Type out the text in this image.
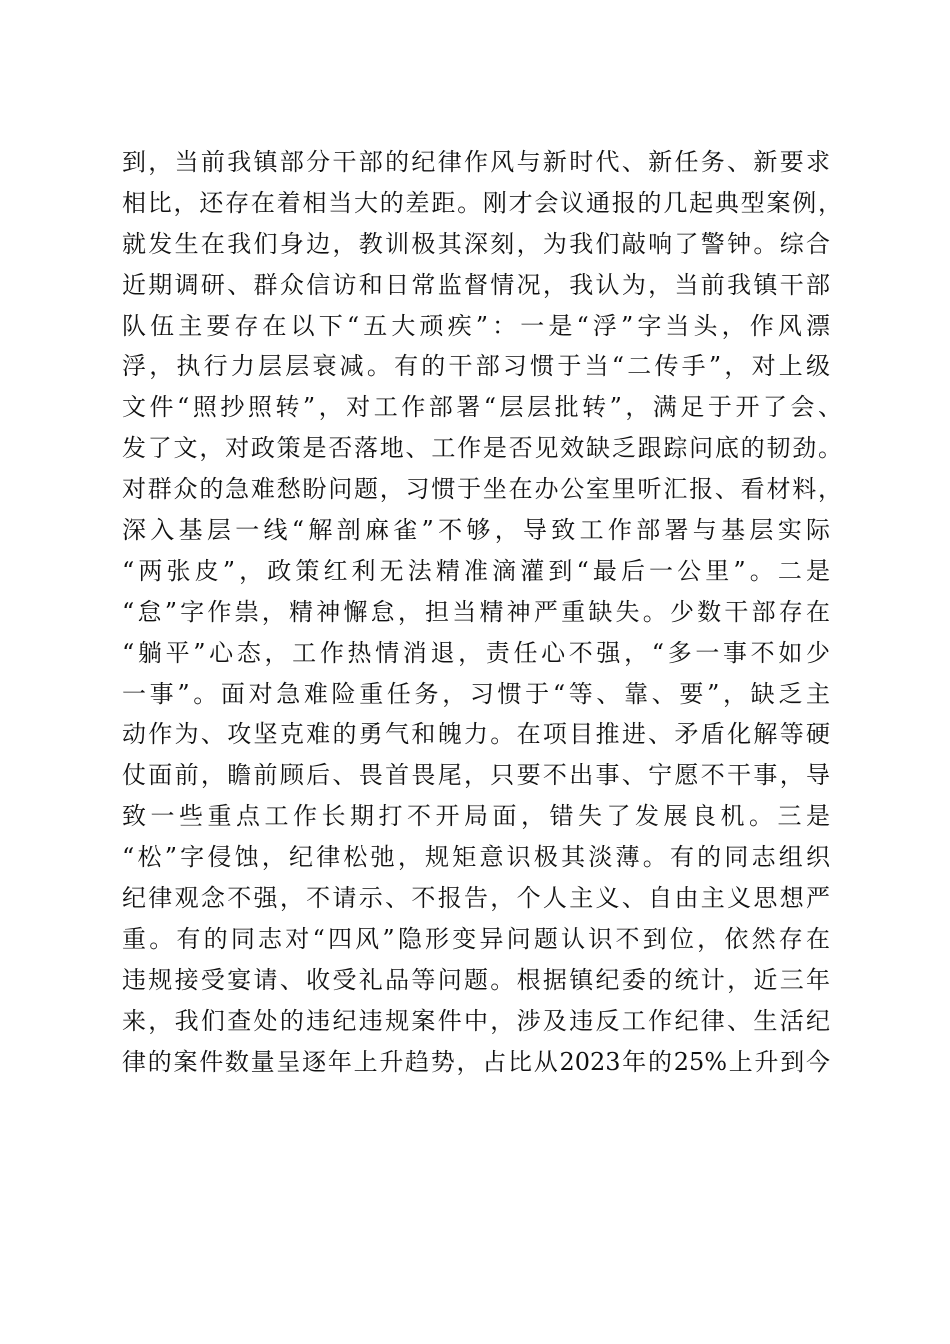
到，当前我镇部分干部的纪律作风与新时代、新任务、新要求
相比，还存在着相当大的差距。刚才会议通报的几起典型案例，
就发生在我们身边，教训极其深刻，为我们敲响了警钟。综合
近期调研、群众信访和日常监督情况，我认为，当前我镇干部
队伍主要存在以下“五大顽疾”：一是“浮”字当头，作风漂
浮，执行力层层衰减。有的干部习惯于当“二传手”，对上级
文件“照抄照转”，对工作部署“层层批转”，满足于开了会、
发了文，对政策是否落地、工作是否见效缺乏跟踪问底的韧劲。
对群众的急难愁盼问题，习惯于坐在办公室里听汇报、看材料，
深入基层一线“解剖麻雀”不够，导致工作部署与基层实际
“两张皮”，政策红利无法精准滴灌到“最后一公里”。二是
“怠”字作祟，精神懈怠，担当精神严重缺失。少数干部存在
“躺平”心态，工作热情消退，责任心不强，“多一事不如少
一事”。面对急难险重任务，习惯于“等、靠、要”，缺乏主
动作为、攻坚克难的勇气和魄力。在项目推进、矛盾化解等硬
仗面前，瞻前顾后、畏首畏尾，只要不出事、宁愿不干事，导
致一些重点工作长期打不开局面，错失了发展良机。三是
“松”字侵蚀，纪律松弛，规矩意识极其淡薄。有的同志组织
纪律观念不强，不请示、不报告，个人主义、自由主义思想严
重。有的同志对“四风”隐形变异问题认识不到位，依然存在
违规接受宴请、收受礼品等问题。根据镇纪委的统计，近三年
来，我们查处的违纪违规案件中，涉及违反工作纪律、生活纪
律的案件数量呈逐年上升趋势，占比从2023年的25%上升到今
